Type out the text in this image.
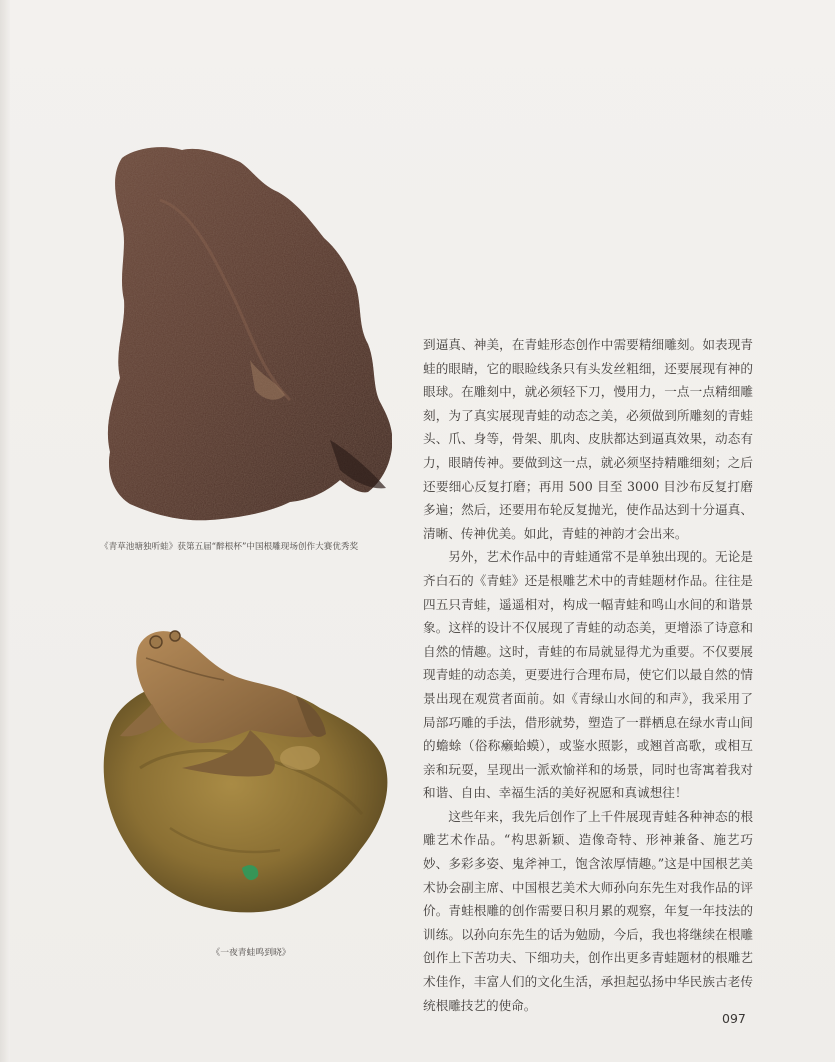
《青草池塘独听蛙》获第五届“醉根杯”中国根雕现场创作大赛优秀奖
《一夜青蛙鸣到晓》

到逼真、神美，在青蛙形态创作中需要精细雕刻。如表现青蛙的眼睛，它的眼睑线条只有头发丝粗细，还要展现有神的眼球。在雕刻中，就必须轻下刀，慢用力，一点一点精细雕刻，为了真实展现青蛙的动态之美，必须做到所雕刻的青蛙头、爪、身等，骨架、肌肉、皮肤都达到逼真效果，动态有力，眼睛传神。要做到这一点，就必须坚持精雕细刻；之后还要细心反复打磨；再用 500 目至 3000 目沙布反复打磨多遍；然后，还要用布轮反复抛光，使作品达到十分逼真、清晰、传神优美。如此，青蛙的神韵才会出来。

另外，艺术作品中的青蛙通常不是单独出现的。无论是齐白石的《青蛙》还是根雕艺术中的青蛙题材作品。往往是四五只青蛙，遥遥相对，构成一幅青蛙和鸣山水间的和谐景象。这样的设计不仅展现了青蛙的动态美，更增添了诗意和自然的情趣。这时，青蛙的布局就显得尤为重要。不仅要展现青蛙的动态美，更要进行合理布局，使它们以最自然的情景出现在观赏者面前。如《青绿山水间的和声》，我采用了局部巧雕的手法，借形就势，塑造了一群栖息在绿水青山间的蟾蜍（俗称癞蛤蟆），或鉴水照影，或翘首高歌，或相互亲和玩耍，呈现出一派欢愉祥和的场景，同时也寄寓着我对和谐、自由、幸福生活的美好祝愿和真诚想往！

这些年来，我先后创作了上千件展现青蛙各种神态的根雕艺术作品。“构思新颖、造像奇特、形神兼备、施艺巧妙、多彩多姿、鬼斧神工，饱含浓厚情趣。”这是中国根艺美术协会副主席、中国根艺美术大师孙向东先生对我作品的评价。青蛙根雕的创作需要日积月累的观察，年复一年技法的训练。以孙向东先生的话为勉励，今后，我也将继续在根雕创作上下苦功夫、下细功夫，创作出更多青蛙题材的根雕艺术佳作，丰富人们的文化生活，承担起弘扬中华民族古老传统根雕技艺的使命。

097
